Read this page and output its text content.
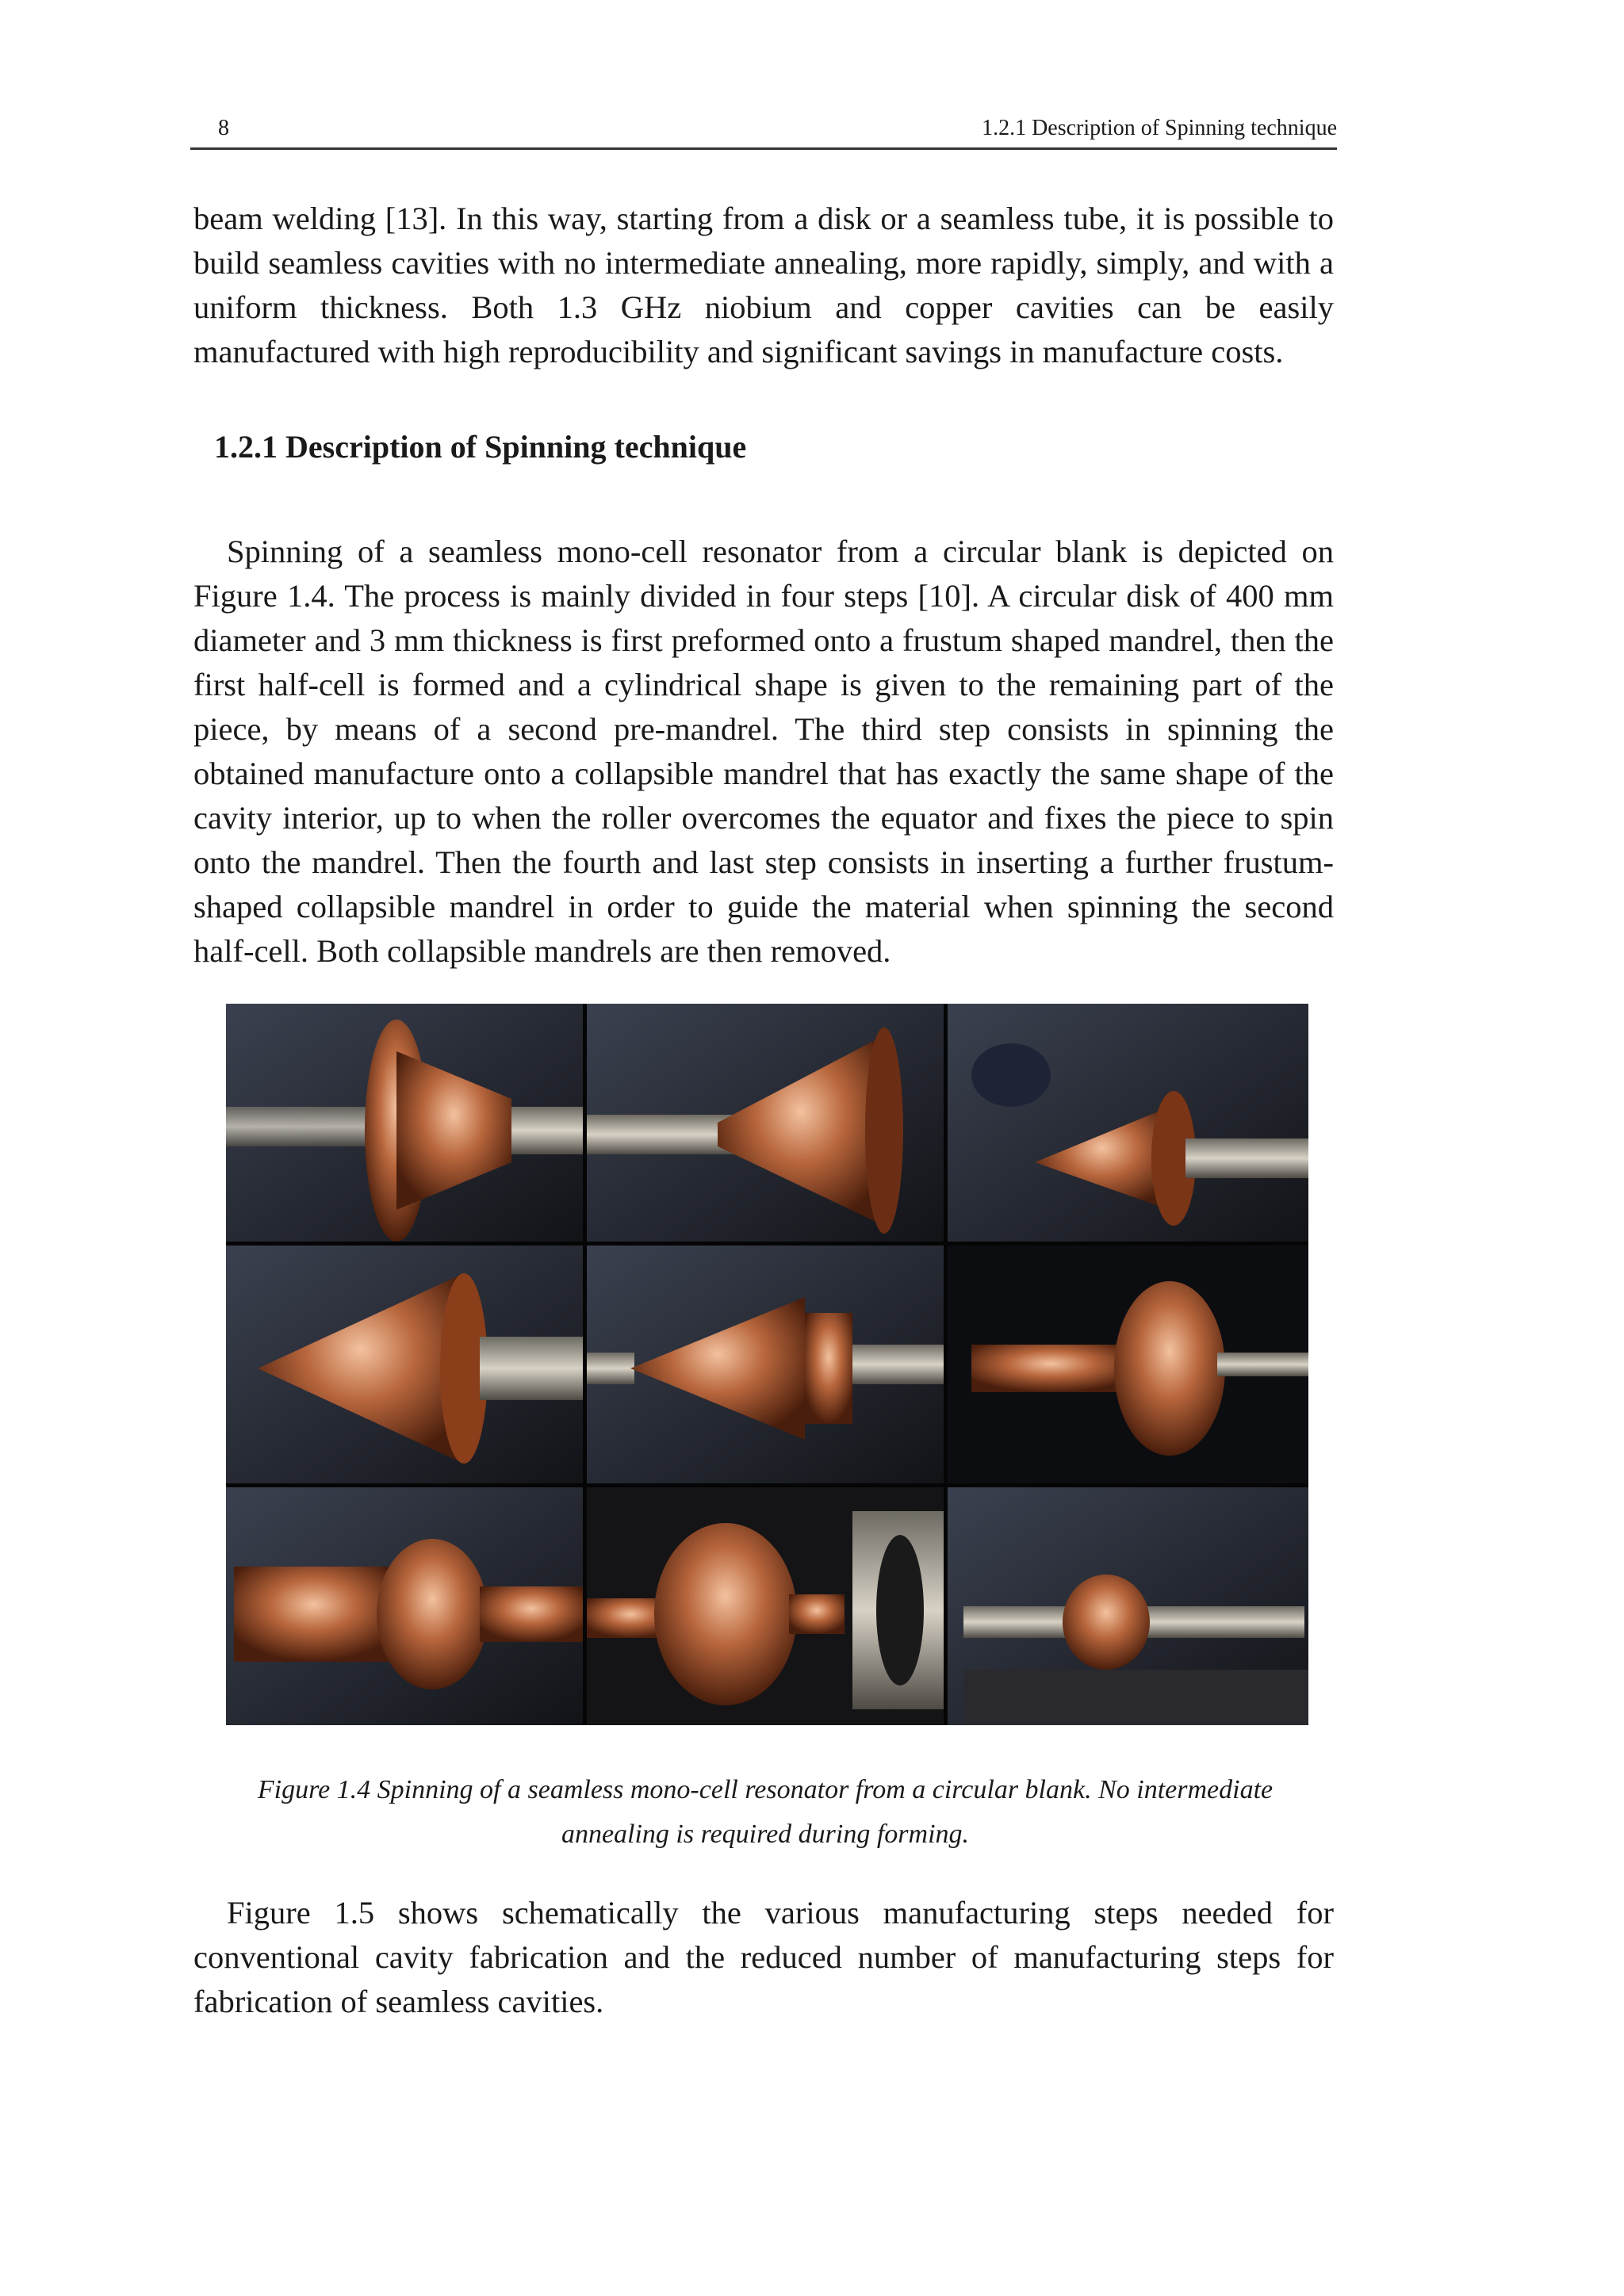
8	1.2.1 Description of Spinning technique

beam welding [13]. In this way, starting from a disk or a seamless tube, it is possible to build seamless cavities with no intermediate annealing, more rapidly, simply, and with a uniform thickness. Both 1.3 GHz niobium and copper cavities can be easily manufactured with high reproducibility and significant savings in manufacture costs.

1.2.1 Description of Spinning technique

Spinning of a seamless mono-cell resonator from a circular blank is depicted on Figure 1.4. The process is mainly divided in four steps [10]. A circular disk of 400 mm diameter and 3 mm thickness is first preformed onto a frustum shaped mandrel, then the first half-cell is formed and a cylindrical shape is given to the remaining part of the piece, by means of a second pre-mandrel. The third step consists in spinning the obtained manufacture onto a collapsible mandrel that has exactly the same shape of the cavity interior, up to when the roller overcomes the equator and fixes the piece to spin onto the mandrel. Then the fourth and last step consists in inserting a further frustum-shaped collapsible mandrel in order to guide the material when spinning the second half-cell. Both collapsible mandrels are then removed.

Figure 1.4 Spinning of a seamless mono-cell resonator from a circular blank. No intermediate annealing is required during forming.

Figure 1.5 shows schematically the various manufacturing steps needed for conventional cavity fabrication and the reduced number of manufacturing steps for fabrication of seamless cavities.
